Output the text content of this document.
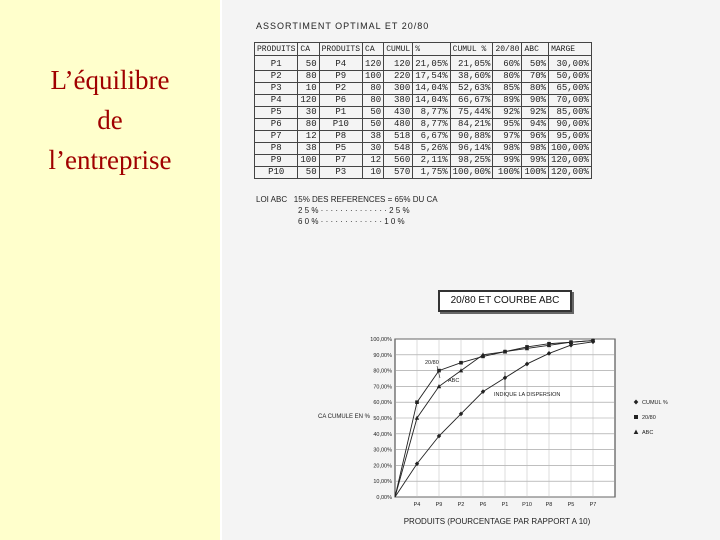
L’équilibre
de
l’entreprise
ASSORTIMENT OPTIMAL ET 20/80
PRODUITS	CA	PRODUITS	CA	CUMUL	%	CUMUL %	20/80	ABC	MARGE
P1	50	P4	120	120	21,05%	21,05%	60%	50%	30,00%
P2	80	P9	100	220	17,54%	38,60%	80%	70%	50,00%
P3	10	P2	80	300	14,04%	52,63%	85%	80%	65,00%
P4	120	P6	80	380	14,04%	66,67%	89%	90%	70,00%
P5	30	P1	50	430	8,77%	75,44%	92%	92%	85,00%
P6	80	P10	50	480	8,77%	84,21%	95%	94%	90,00%
P7	12	P8	38	518	6,67%	90,88%	97%	96%	95,00%
P8	38	P5	30	548	5,26%	96,14%	98%	98%	100,00%
P9	100	P7	12	560	2,11%	98,25%	99%	99%	120,00%
P10	50	P3	10	570	1,75%	100,00%	100%	100%	120,00%
LOI ABC 15% DES REFERENCES = 65% DU CA
2 5 % · · · · · · · · · · · · · · 2 5 %
6 0 % · · · · · · · · · · · · · 1 0 %
20/80 ET COURBE ABC
0,00%
10,00%
20,00%
30,00%
40,00%
50,00%
60,00%
70,00%
80,00%
90,00%
100,00%
P4	P9	P2	P6	P1 P10 P8	P5	P7
CA CUMULE EN %
PRODUITS (POURCENTAGE PAR RAPPORT A 10)
20/80
ABC
INDIQUE LA DISPERSION
CUMUL %
20/80
ABC
